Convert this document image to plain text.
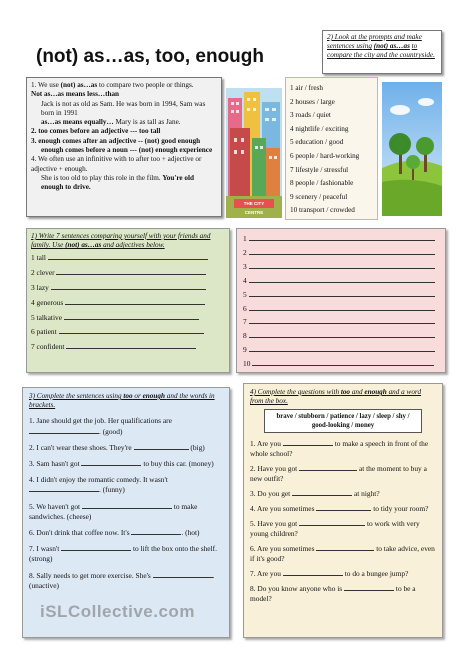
(not) as…as, too, enough
2) Look at the prompts and make sentences using (not) as…as to compare the city and the countryside.
1. We use (not) as…as to compare two people or things.
Not as…as means less…than
Jack is not as old as Sam. He was born in 1994, Sam was born in 1991
as…as means equally… Mary is as tall as Jane.
2. too comes before an adjective --- too tall
3. enough comes after an adjective -- (not) good enough
enough comes before a noun --- (not) enough experience
4. We often use an infinitive with to after too + adjective or adjective + enough.
She is too old to play this role in the film. You're old enough to drive.
THE CITY CENTRE
1 air / fresh
2 houses / large
3 roads / quiet
4 nightlife / exciting
5 education / good
6 people / hard-working
7 lifestyle / stressful
8 people / fashionable
9 scenery / peaceful
10 transport / crowded
1) Write 7 sentences comparing yourself with your friends and family. Use (not) as…as and adjectives below.
1 tall
2 clever
3 lazy
4 generous
5 talkative
6 patient
7 confident
1
2
3
4
5
6
7
8
9
10
3) Complete the sentences using too or enough and the words in brackets.
1. Jane should get the job. Her qualifications are . (good)
2. I can't wear these shoes. They're	(big)
3. Sam hasn't got	to buy this car. (money)
4. I didn't enjoy the romantic comedy. It wasn't . (funny)
5. We haven't got	to make sandwiches. (cheese)
6. Don't drink that coffee now. It's	. (hot)
7. I wasn't	to lift the box onto the shelf. (strong)
8. Sally needs to get more exercise. She's	. (unactive)
4) Complete the questions with too and enough and a word from the box.
brave / stubborn / patience / lazy / sleep / shy / good-looking / money
1. Are you	to make a speech in front of the whole school?
2. Have you got	at the moment to buy a new outfit?
3. Do you get	at night?
4. Are you sometimes	to tidy your room?
5. Have you got	to work with very young children?
6. Are you sometimes	to take advice, even if it's good?
7. Are you	to do a bungee jump?
8. Do you know anyone who is	to be a model?
iSLCollective.com
